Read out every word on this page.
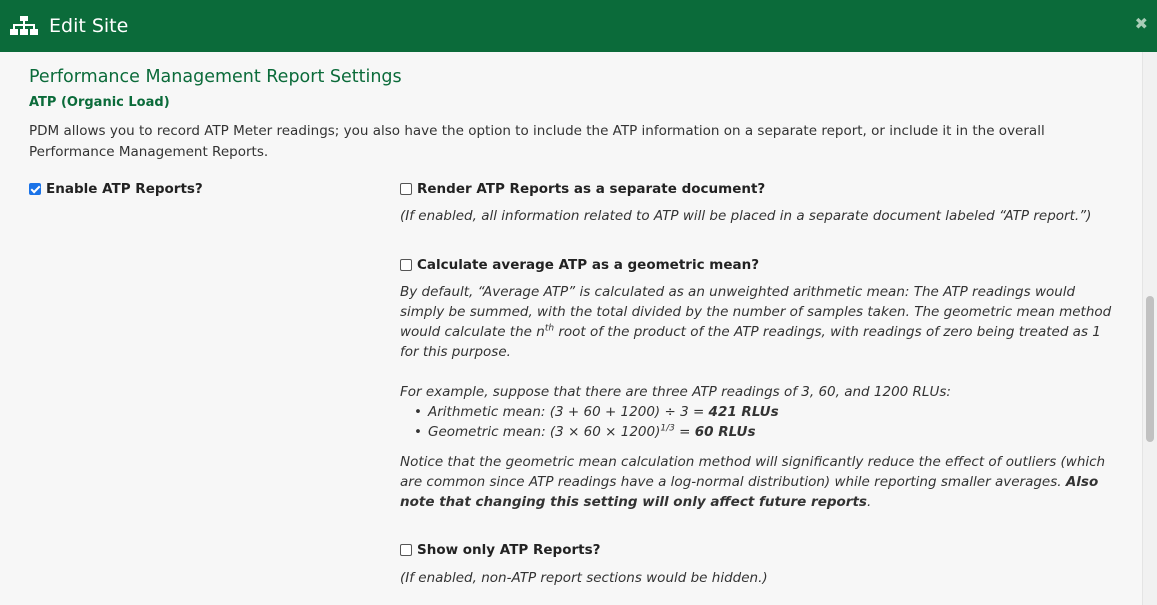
Edit Site	✖
Performance Management Report Settings
ATP (Organic Load)
PDM allows you to record ATP Meter readings; you also have the option to include the ATP information on a separate report, or include it in the overall Performance Management Reports.
Enable ATP Reports?	Render ATP Reports as a separate document?
(If enabled, all information related to ATP will be placed in a separate document labeled “ATP report.”)
Calculate average ATP as a geometric mean?
By default, “Average ATP” is calculated as an unweighted arithmetic mean: The ATP readings would simply be summed, with the total divided by the number of samples taken. The geometric mean method would calculate the $n^{th}$ root of the product of the ATP readings, with readings of zero being treated as 1 for this purpose.
For example, suppose that there are three ATP readings of 3, 60, and 1200 RLUs:
• Arithmetic mean: (3 + 60 + 1200) ÷ 3 = 421 RLUs
• Geometric mean: $(3 \times 60 \times 1200)^{1/3} = 60$ RLUs
Notice that the geometric mean calculation method will significantly reduce the effect of outliers (which are common since ATP readings have a log-normal distribution) while reporting smaller averages. Also note that changing this setting will only affect future reports.
Show only ATP Reports?
(If enabled, non-ATP report sections would be hidden.)
